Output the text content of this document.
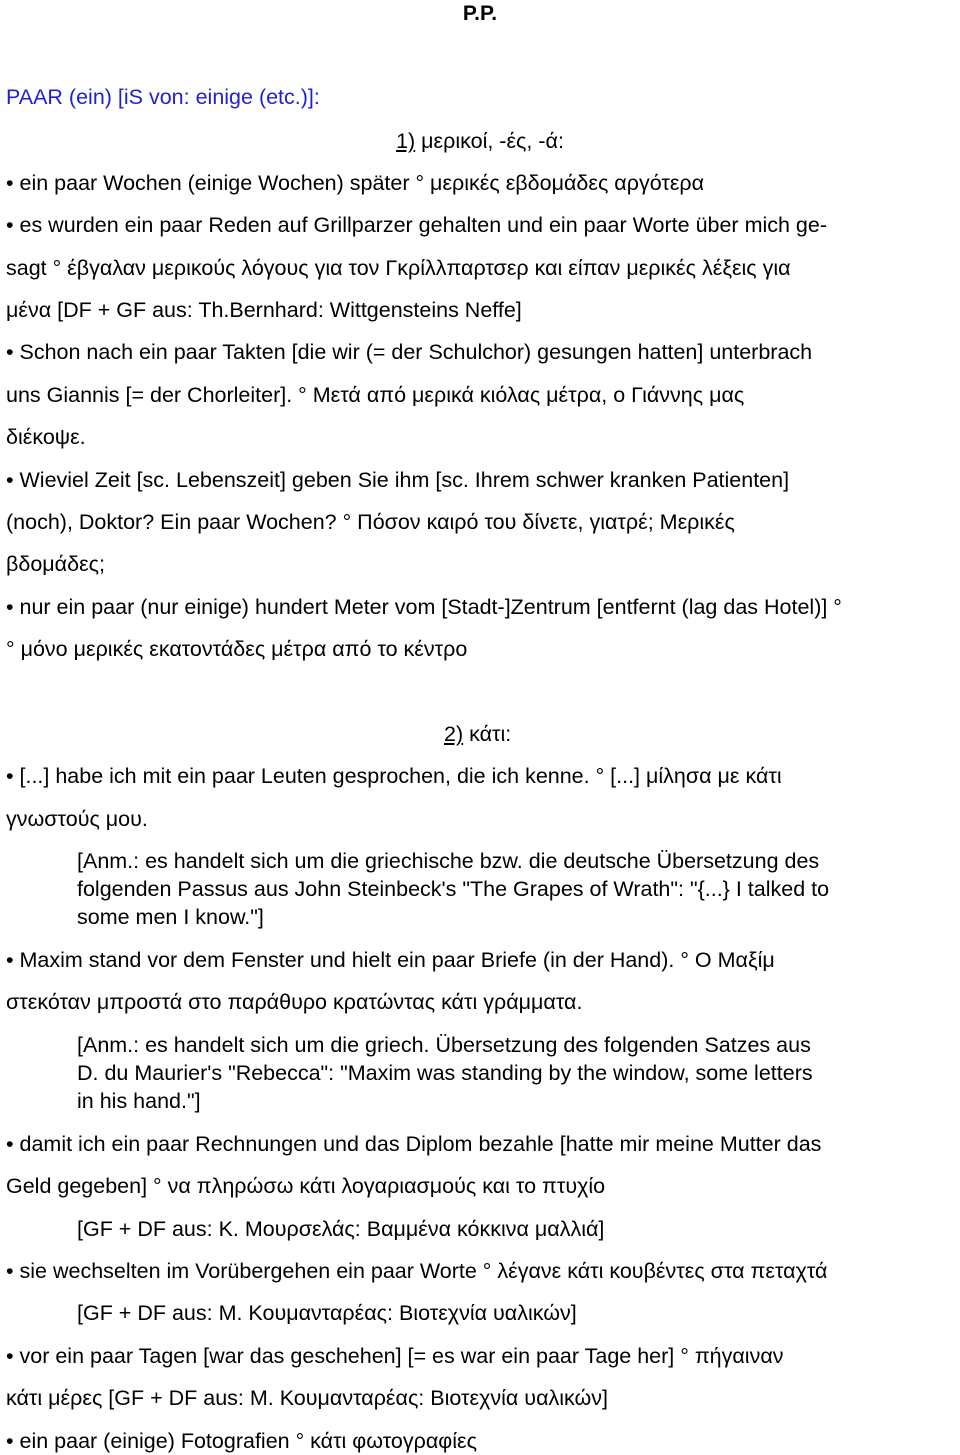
P.P.
PAAR (ein) [iS von: einige (etc.)]:
1) μερικοί, -ές, -ά:
• ein paar Wochen (einige Wochen) später ° μερικές εβδομάδες αργότερα
• es wurden ein paar Reden auf Grillparzer gehalten und ein paar Worte über mich ge-
sagt ° έβγαλαν μερικούς λόγους για τον Γκρίλλπαρτσερ και είπαν μερικές λέξεις για
μένα [DF + GF aus: Th.Bernhard: Wittgensteins Neffe]
• Schon nach ein paar Takten [die wir (= der Schulchor) gesungen hatten] unterbrach
uns Giannis [= der Chorleiter]. ° Μετά από μερικά κιόλας μέτρα, ο Γιάννης μας
διέκοψε.
• Wieviel Zeit [sc. Lebenszeit] geben Sie ihm [sc. Ihrem schwer kranken Patienten]
(noch), Doktor? Ein paar Wochen? ° Πόσον καιρό του δίνετε, γιατρέ; Μερικές
βδομάδες;
• nur ein paar (nur einige) hundert Meter vom [Stadt-]Zentrum [entfernt (lag das Hotel)] °
° μόνο μερικές εκατοντάδες μέτρα από το κέντρο
2) κάτι:
• [...] habe ich mit ein paar Leuten gesprochen, die ich kenne. ° [...] μίλησα με κάτι
γνωστούς μου.
[Anm.: es handelt sich um die griechische bzw. die deutsche Übersetzung des
folgenden Passus aus John Steinbeck's "The Grapes of Wrath": "{...} I talked to
some men I know."]
• Maxim stand vor dem Fenster und hielt ein paar Briefe (in der Hand). ° Ο Μαξίμ
στεκόταν μπροστά στο παράθυρο κρατώντας κάτι γράμματα.
[Anm.: es handelt sich um die griech. Übersetzung des folgenden Satzes aus
D. du Maurier's "Rebecca": "Maxim was standing by the window, some letters
in his hand."]
• damit ich ein paar Rechnungen und das Diplom bezahle [hatte mir meine Mutter das
Geld gegeben] ° να πληρώσω κάτι λογαριασμούς και το πτυχίο
[GF + DF aus: K. Μουρσελάς: Βαμμένα κόκκινα μαλλιά]
• sie wechselten im Vorübergehen ein paar Worte ° λέγανε κάτι κουβέντες στα πεταχτά
[GF + DF aus: M. Κουμανταρέας: Βιοτεχνία υαλικών]
• vor ein paar Tagen [war das geschehen] [= es war ein paar Tage her] ° πήγαιναν
κάτι μέρες [GF + DF aus: M. Κουμανταρέας: Βιοτεχνία υαλικών]
• ein paar (einige) Fotografien ° κάτι φωτογραφίες
